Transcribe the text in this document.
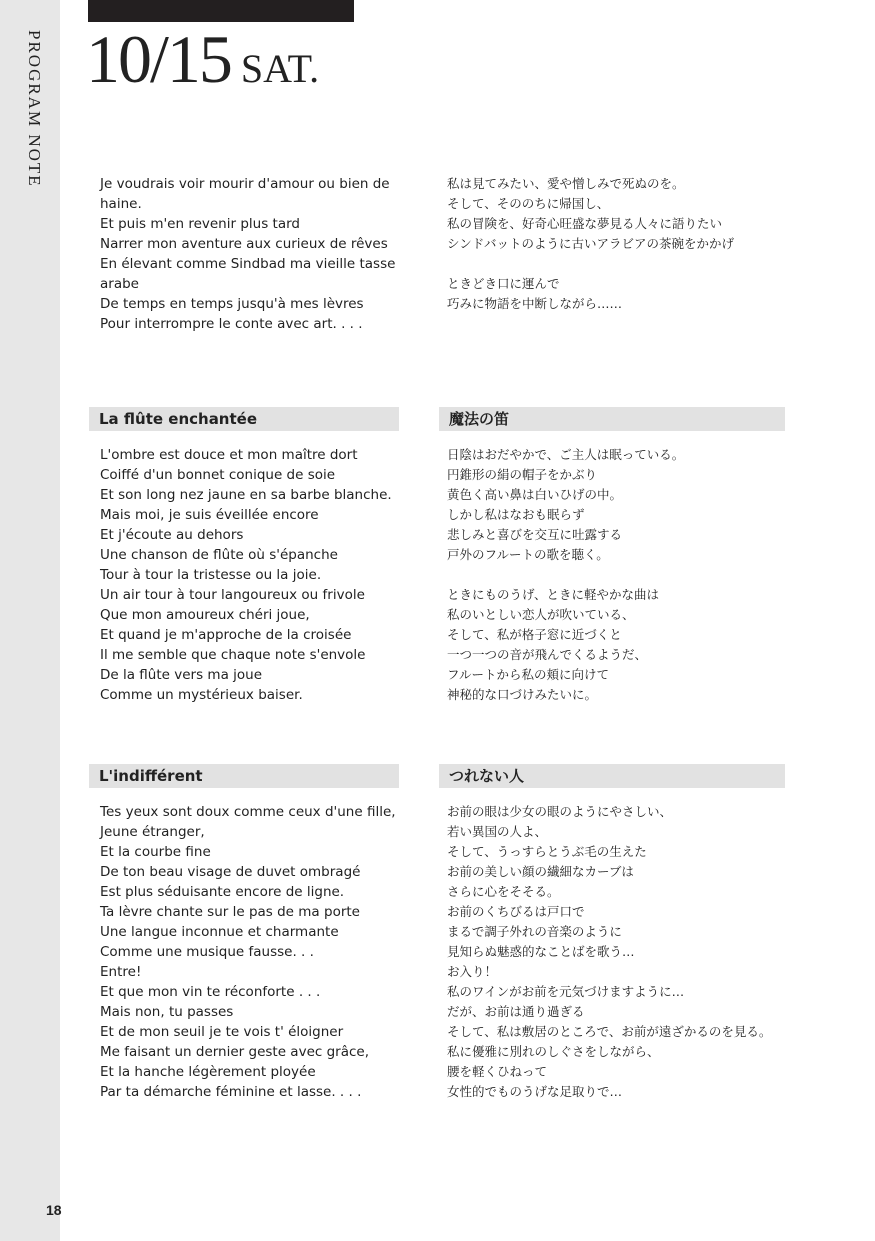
PROGRAM NOTE
18
10/15 SAT.
Je voudrais voir mourir d'amour ou bien de haine.
Et puis m'en revenir plus tard
Narrer mon aventure aux curieux de rêves
En élevant comme Sindbad ma vieille tasse arabe
De temps en temps jusqu'à mes lèvres
Pour interrompre le conte avec art. . . .
私は見てみたい、愛や憎しみで死ぬのを。
そして、そののちに帰国し、
私の冒険を、好奇心旺盛な夢見る人々に語りたい
シンドバットのように古いアラビアの茶碗をかかげ

ときどき口に運んで
巧みに物語を中断しながら……
La flûte enchantée	魔法の笛
L'ombre est douce et mon maître dort
Coiffé d'un bonnet conique de soie
Et son long nez jaune en sa barbe blanche.
Mais moi, je suis éveillée encore
Et j'écoute au dehors
Une chanson de flûte où s'épanche
Tour à tour la tristesse ou la joie.
Un air tour à tour langoureux ou frivole
Que mon amoureux chéri joue,
Et quand je m'approche de la croisée
Il me semble que chaque note s'envole
De la flûte vers ma joue
Comme un mystérieux baiser.
日陰はおだやかで、ご主人は眠っている。
円錐形の絹の帽子をかぶり
黄色く高い鼻は白いひげの中。
しかし私はなおも眠らず
悲しみと喜びを交互に吐露する
戸外のフルートの歌を聴く。

ときにものうげ、ときに軽やかな曲は
私のいとしい恋人が吹いている、
そして、私が格子窓に近づくと
一つ一つの音が飛んでくるようだ、
フルートから私の頬に向けて
神秘的な口づけみたいに。
L'indifférent	つれない人
Tes yeux sont doux comme ceux d'une fille,
Jeune étranger,
Et la courbe fine
De ton beau visage de duvet ombragé
Est plus séduisante encore de ligne.
Ta lèvre chante sur le pas de ma porte
Une langue inconnue et charmante
Comme une musique fausse. . .
Entre!
Et que mon vin te réconforte . . .
Mais non, tu passes
Et de mon seuil je te vois t' éloigner
Me faisant un dernier geste avec grâce,
Et la hanche légèrement ployée
Par ta démarche féminine et lasse. . . .
お前の眼は少女の眼のようにやさしい、
若い異国の人よ、
そして、うっすらとうぶ毛の生えた
お前の美しい顔の繊細なカーブは
さらに心をそそる。
お前のくちびるは戸口で
まるで調子外れの音楽のように
見知らぬ魅惑的なことばを歌う…
お入り！
私のワインがお前を元気づけますように…
だが、お前は通り過ぎる
そして、私は敷居のところで、お前が遠ざかるのを見る。
私に優雅に別れのしぐさをしながら、
腰を軽くひねって
女性的でものうげな足取りで…
